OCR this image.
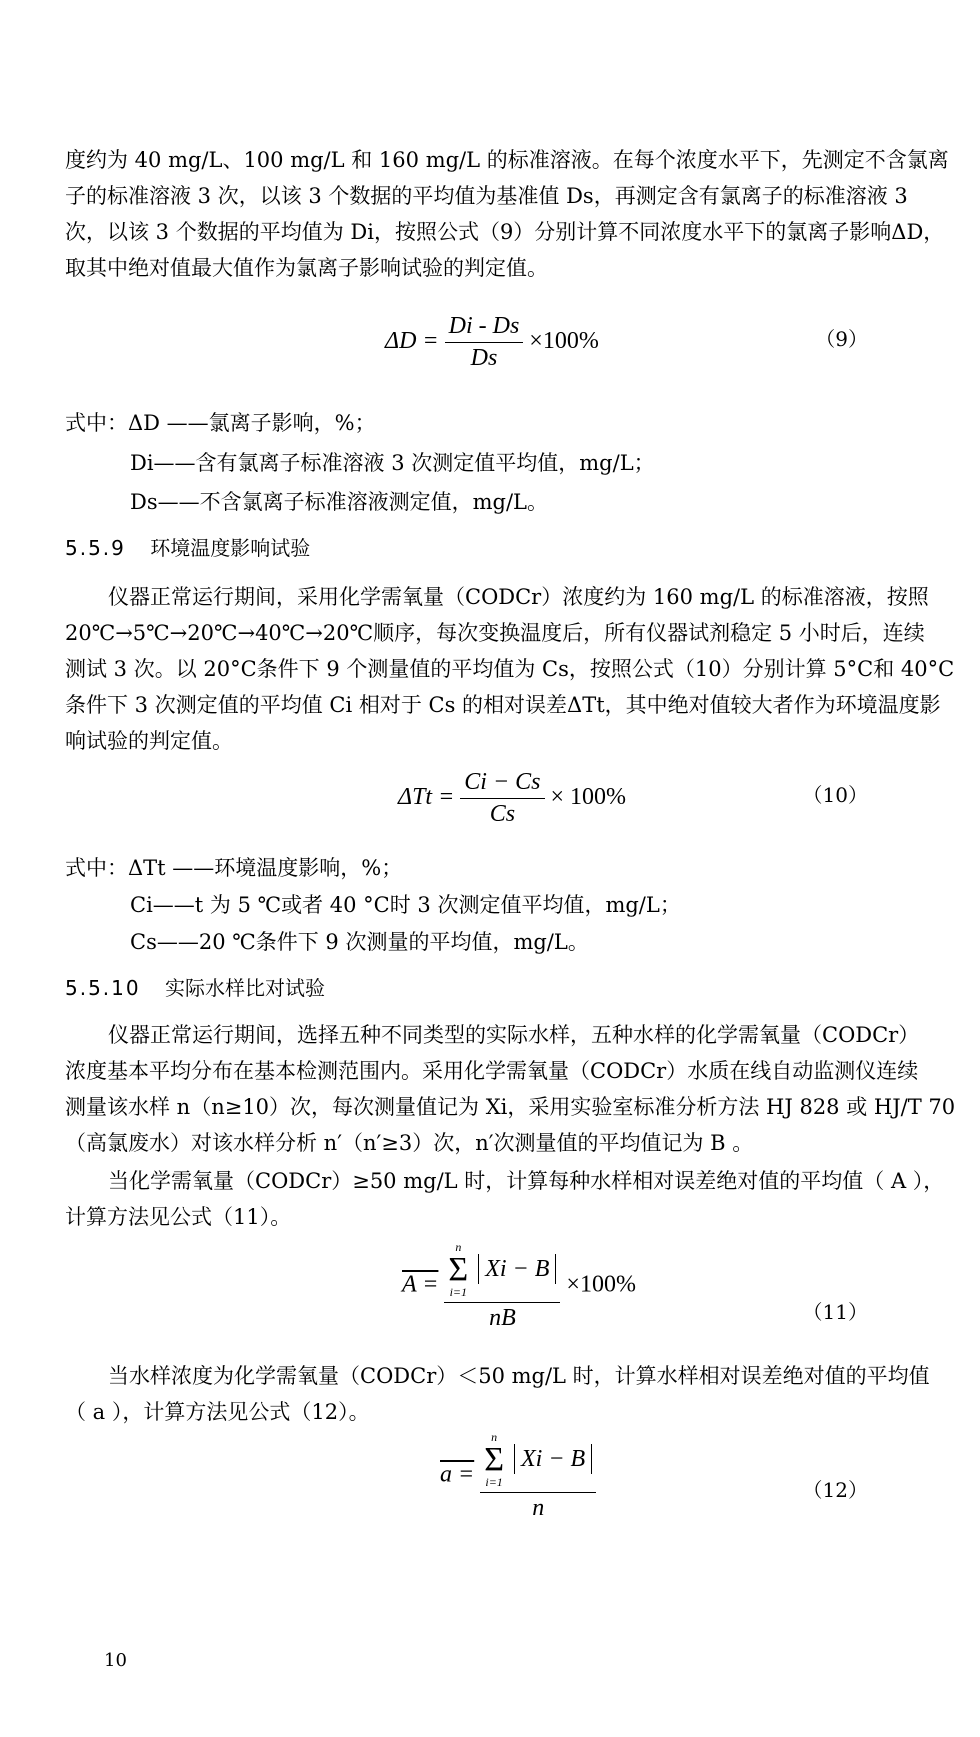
度约为 40 mg/L、100 mg/L 和 160 mg/L 的标准溶液。在每个浓度水平下，先测定不含氯离
子的标准溶液 3 次，以该 3 个数据的平均值为基准值 Ds，再测定含有氯离子的标准溶液 3
次，以该 3 个数据的平均值为 Di，按照公式（9）分别计算不同浓度水平下的氯离子影响ΔD，
取其中绝对值最大值作为氯离子影响试验的判定值。
$\Delta D = \frac{Di - Ds}{Ds} \times 100\%$	（9）
式中：ΔD ——氯离子影响，%；
Di——含有氯离子标准溶液 3 次测定值平均值，mg/L；
Ds——不含氯离子标准溶液测定值，mg/L。
5.5.9 环境温度影响试验
仪器正常运行期间，采用化学需氧量（CODCr）浓度约为 160 mg/L 的标准溶液，按照
20℃→5℃→20℃→40℃→20℃顺序，每次变换温度后，所有仪器试剂稳定 5 小时后，连续
测试 3 次。以 20°C条件下 9 个测量值的平均值为 Cs，按照公式（10）分别计算 5°C和 40°C
条件下 3 次测定值的平均值 Ci 相对于 Cs 的相对误差ΔTt，其中绝对值较大者作为环境温度影
响试验的判定值。
$\Delta Tt = \frac{Ci - Cs}{Cs} \times 100\%$	（10）
式中：ΔTt ——环境温度影响，%；
Ci——t 为 5 ℃或者 40 °C时 3 次测定值平均值，mg/L；
Cs——20 ℃条件下 9 次测量的平均值，mg/L。
5.5.10 实际水样比对试验
仪器正常运行期间，选择五种不同类型的实际水样，五种水样的化学需氧量（CODCr）
浓度基本平均分布在基本检测范围内。采用化学需氧量（CODCr）水质在线自动监测仪连续
测量该水样 n（n≥10）次，每次测量值记为 Xi，采用实验室标准分析方法 HJ 828 或 HJ/T 70
（高氯废水）对该水样分析 n′（n′≥3）次，n′次测量值的平均值记为 B 。
当化学需氧量（CODCr）≥50 mg/L 时，计算每种水样相对误差绝对值的平均值（ A ），
计算方法见公式（11）。
A = n
Σ
i=1
Xi − B
nB ×100%
（11）
当水样浓度为化学需氧量（CODCr）＜50 mg/L 时，计算水样相对误差绝对值的平均值
（ a ），计算方法见公式（12）。
a = n
Σ
i=1
Xi − B
n	（12）
10
